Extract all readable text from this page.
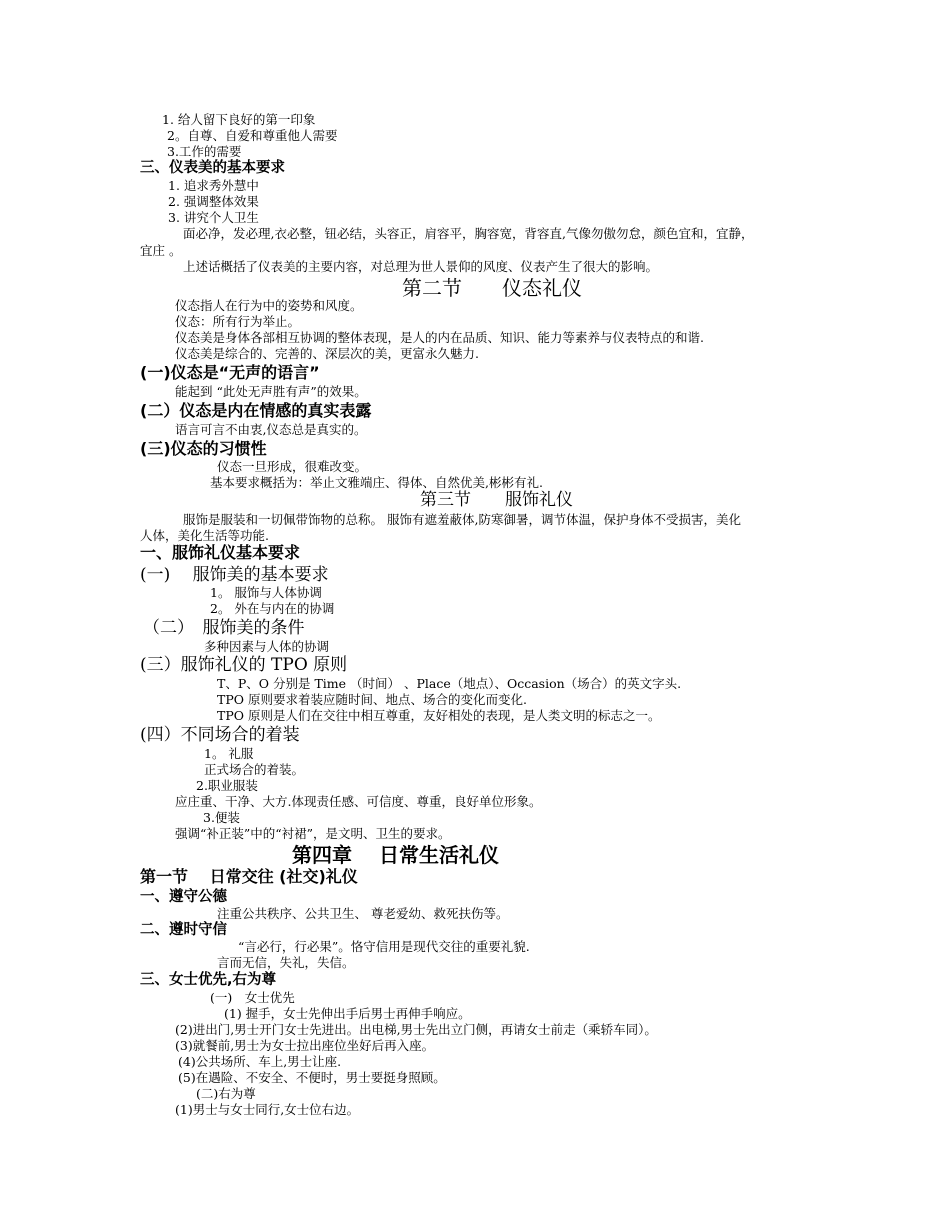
1. 给人留下良好的第一印象
2。自尊、自爱和尊重他人需要
3.工作的需要
三、仪表美的基本要求
1. 追求秀外慧中
2. 强调整体效果
3. 讲究个人卫生
面必净，发必理,衣必整，钮必结，头容正，肩容平，胸容宽，背容直,气像勿傲勿怠，颜色宜和，宜静，
宜庄 。
上述话概括了仪表美的主要内容，对总理为世人景仰的风度、仪表产生了很大的影响。
第二节　　仪态礼仪
仪态指人在行为中的姿势和风度。
仪态：所有行为举止。
仪态美是身体各部相互协调的整体表现，是人的内在品质、知识、能力等素养与仪表特点的和谐.
仪态美是综合的、完善的、深层次的美，更富永久魅力.
(一)仪态是“无声的语言”
能起到 “此处无声胜有声”的效果。
(二）仪态是内在情感的真实表露
语言可言不由衷,仪态总是真实的。
(三)仪态的习惯性
仪态一旦形成，很难改变。
基本要求概括为：举止文雅端庄、得体、自然优美,彬彬有礼.
第三节　　服饰礼仪
服饰是服装和一切佩带饰物的总称。 服饰有遮羞蔽体,防寒御暑，调节体温，保护身体不受损害，美化
人体，美化生活等功能.
一、服饰礼仪基本要求
(一)　 服饰美的基本要求
1。 服饰与人体协调
2。 外在与内在的协调
（二）　服饰美的条件
多种因素与人体的协调
(三）服饰礼仪的 TPO 原则
T、P、O 分别是 Time （时间） 、Place（地点）、Occasion（场合）的英文字头.
TPO 原则要求着装应随时间、地点、场合的变化而变化.
TPO 原则是人们在交往中相互尊重，友好相处的表现，是人类文明的标志之一。
(四）不同场合的着装
1。 礼服
正式场合的着装。
2.职业服装
应庄重、干净、大方.体现责任感、可信度、尊重，良好单位形象。
3.便装
强调“补正装”中的“衬裙”，是文明、卫生的要求。
第四章　 日常生活礼仪
第一节　 日常交往 (社交)礼仪
一、遵守公德
注重公共秩序、公共卫生、 尊老爱幼、救死扶伤等。
二、遵时守信
“言必行，行必果”。恪守信用是现代交往的重要礼貌.
言而无信，失礼，失信。
三、女士优先,右为尊
(一)　女士优先
(1) 握手，女士先伸出手后男士再伸手响应。
(2)进出门,男士开门女士先进出。出电梯,男士先出立门侧，再请女士前走（乘轿车同）。
(3)就餐前,男士为女士拉出座位坐好后再入座。
(4)公共场所、车上,男士让座.
(5)在遇险、不安全、不便时，男士要挺身照顾。
(二)右为尊
(1)男士与女士同行,女士位右边。
